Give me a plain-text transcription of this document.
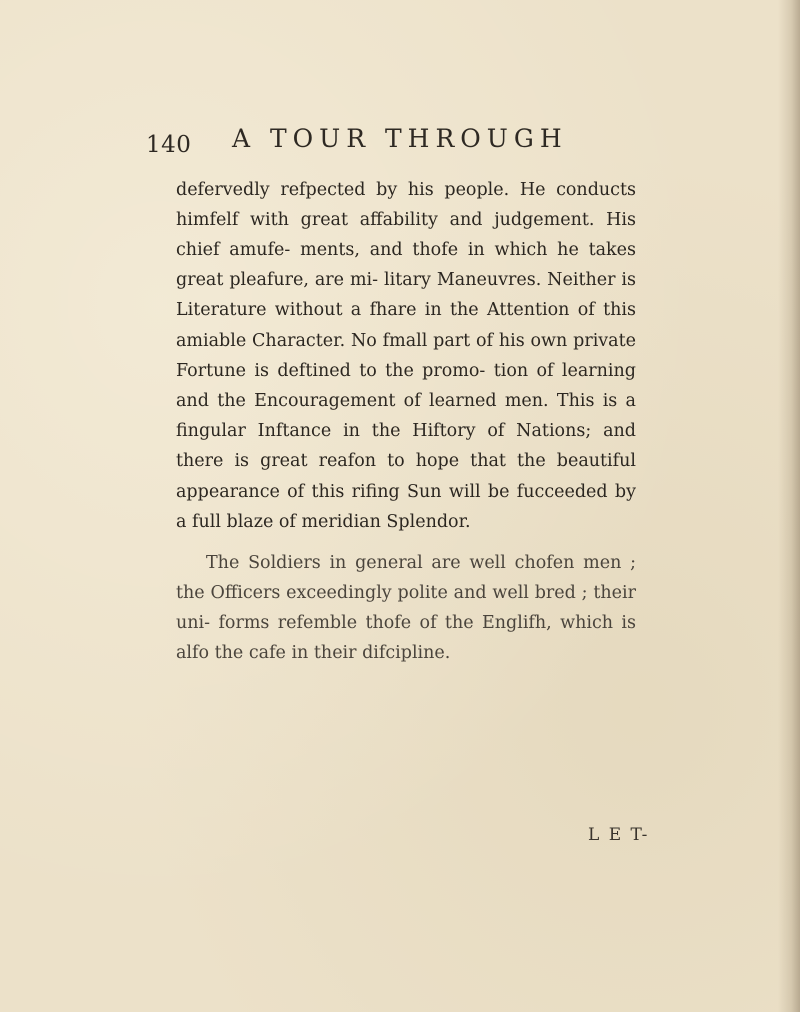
140 A TOUR THROUGH

defervedly refpected by his people. He conducts himfelf with great affability and judgement. His chief amufe- ments, and thofe in which he takes great pleafure, are mi- litary Maneuvres. Neither is Literature without a fhare in the Attention of this amiable Character. No fmall part of his own private Fortune is deftined to the promo- tion of learning and the Encouragement of learned men. This is a fingular Inftance in the Hiftory of Nations; and there is great reafon to hope that the beautiful appearance of this rifing Sun will be fucceeded by a full blaze of meridian Splendor.

The Soldiers in general are well chofen men ; the Officers exceedingly polite and well bred ; their uni- forms refemble thofe of the Englifh, which is alfo the cafe in their difcipline.

L E T-
